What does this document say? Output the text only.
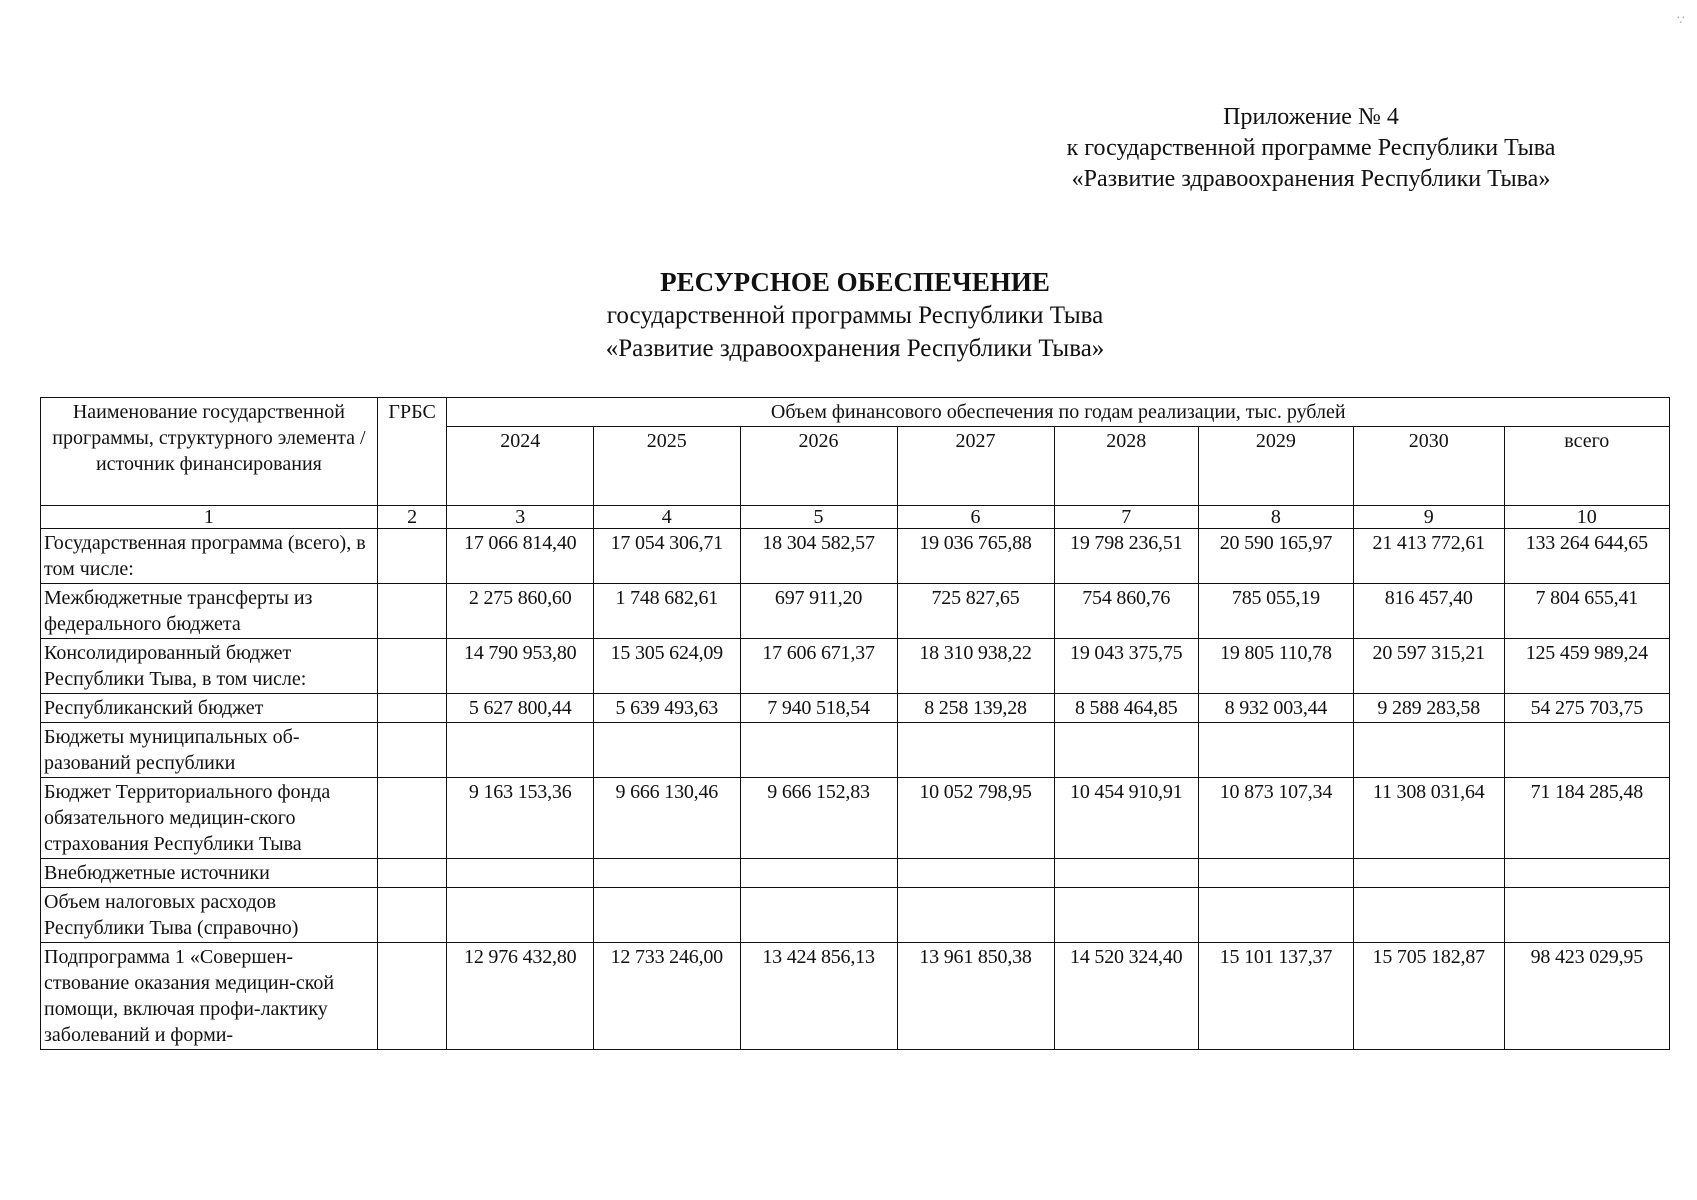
Приложение № 4
к государственной программе Республики Тыва
«Развитие здравоохранения Республики Тыва»
∵
РЕСУРСНОЕ ОБЕСПЕЧЕНИЕ
государственной программы Республики Тыва
«Развитие здравоохранения Республики Тыва»
Наименование государственной программы, структурного элемента / источник финансирования	ГРБС	Объем финансового обеспечения по годам реализации, тыс. рублей							
		2024	2025	2026	2027	2028	2029	2030	всего
1	2	3	4	5	6	7	8	9	10
Государственная программа (всего), в том числе:		17 066 814,40	17 054 306,71	18 304 582,57	19 036 765,88	19 798 236,51	20 590 165,97	21 413 772,61	133 264 644,65
Межбюджетные трансферты из федерального бюджета		2 275 860,60	1 748 682,61	697 911,20	725 827,65	754 860,76	785 055,19	816 457,40	7 804 655,41
Консолидированный бюджет Республики Тыва, в том числе:		14 790 953,80	15 305 624,09	17 606 671,37	18 310 938,22	19 043 375,75	19 805 110,78	20 597 315,21	125 459 989,24
Республиканский бюджет		5 627 800,44	5 639 493,63	7 940 518,54	8 258 139,28	8 588 464,85	8 932 003,44	9 289 283,58	54 275 703,75
Бюджеты муниципальных об-разований республики									
Бюджет Территориального фонда обязательного медицин-ского страхования Республики Тыва		9 163 153,36	9 666 130,46	9 666 152,83	10 052 798,95	10 454 910,91	10 873 107,34	11 308 031,64	71 184 285,48
Внебюджетные источники									
Объем налоговых расходов Республики Тыва (справочно)									
Подпрограмма 1 «Совершен-ствование оказания медицин-ской помощи, включая профи-лактику заболеваний и форми-		12 976 432,80	12 733 246,00	13 424 856,13	13 961 850,38	14 520 324,40	15 101 137,37	15 705 182,87	98 423 029,95
